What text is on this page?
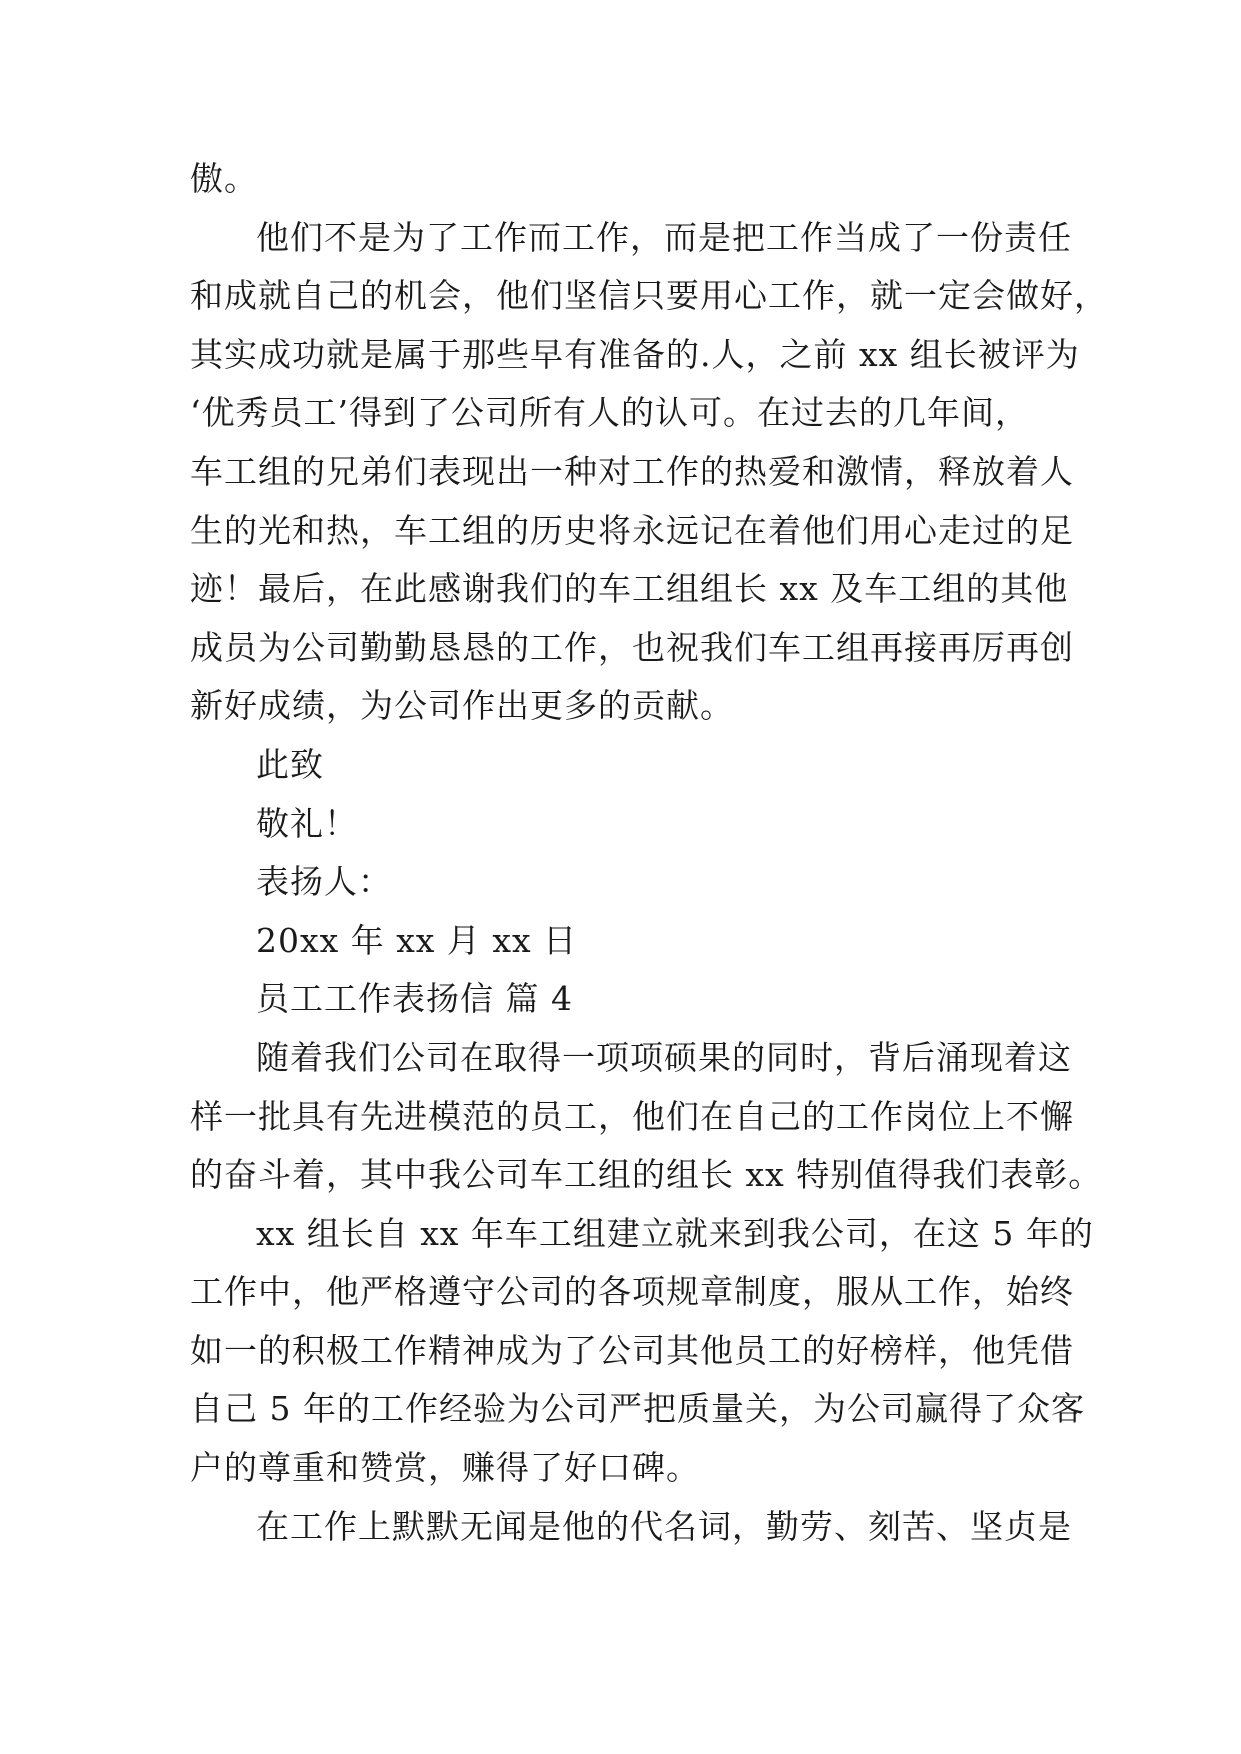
傲。
他们不是为了工作而工作，而是把工作当成了一份责任
和成就自己的机会，他们坚信只要用心工作，就一定会做好，
其实成功就是属于那些早有准备的.人，之前 xx 组长被评为
‘优秀员工’得到了公司所有人的认可。在过去的几年间，
车工组的兄弟们表现出一种对工作的热爱和激情，释放着人
生的光和热，车工组的历史将永远记在着他们用心走过的足
迹！最后，在此感谢我们的车工组组长 xx 及车工组的其他
成员为公司勤勤恳恳的工作，也祝我们车工组再接再厉再创
新好成绩，为公司作出更多的贡献。
此致
敬礼！
表扬人：
20xx 年 xx 月 xx 日
员工工作表扬信 篇 4
随着我们公司在取得一项项硕果的同时，背后涌现着这
样一批具有先进模范的员工，他们在自己的工作岗位上不懈
的奋斗着，其中我公司车工组的组长 xx 特别值得我们表彰。
xx 组长自 xx 年车工组建立就来到我公司，在这 5 年的
工作中，他严格遵守公司的各项规章制度，服从工作，始终
如一的积极工作精神成为了公司其他员工的好榜样，他凭借
自己 5 年的工作经验为公司严把质量关，为公司赢得了众客
户的尊重和赞赏，赚得了好口碑。
在工作上默默无闻是他的代名词，勤劳、刻苦、坚贞是
